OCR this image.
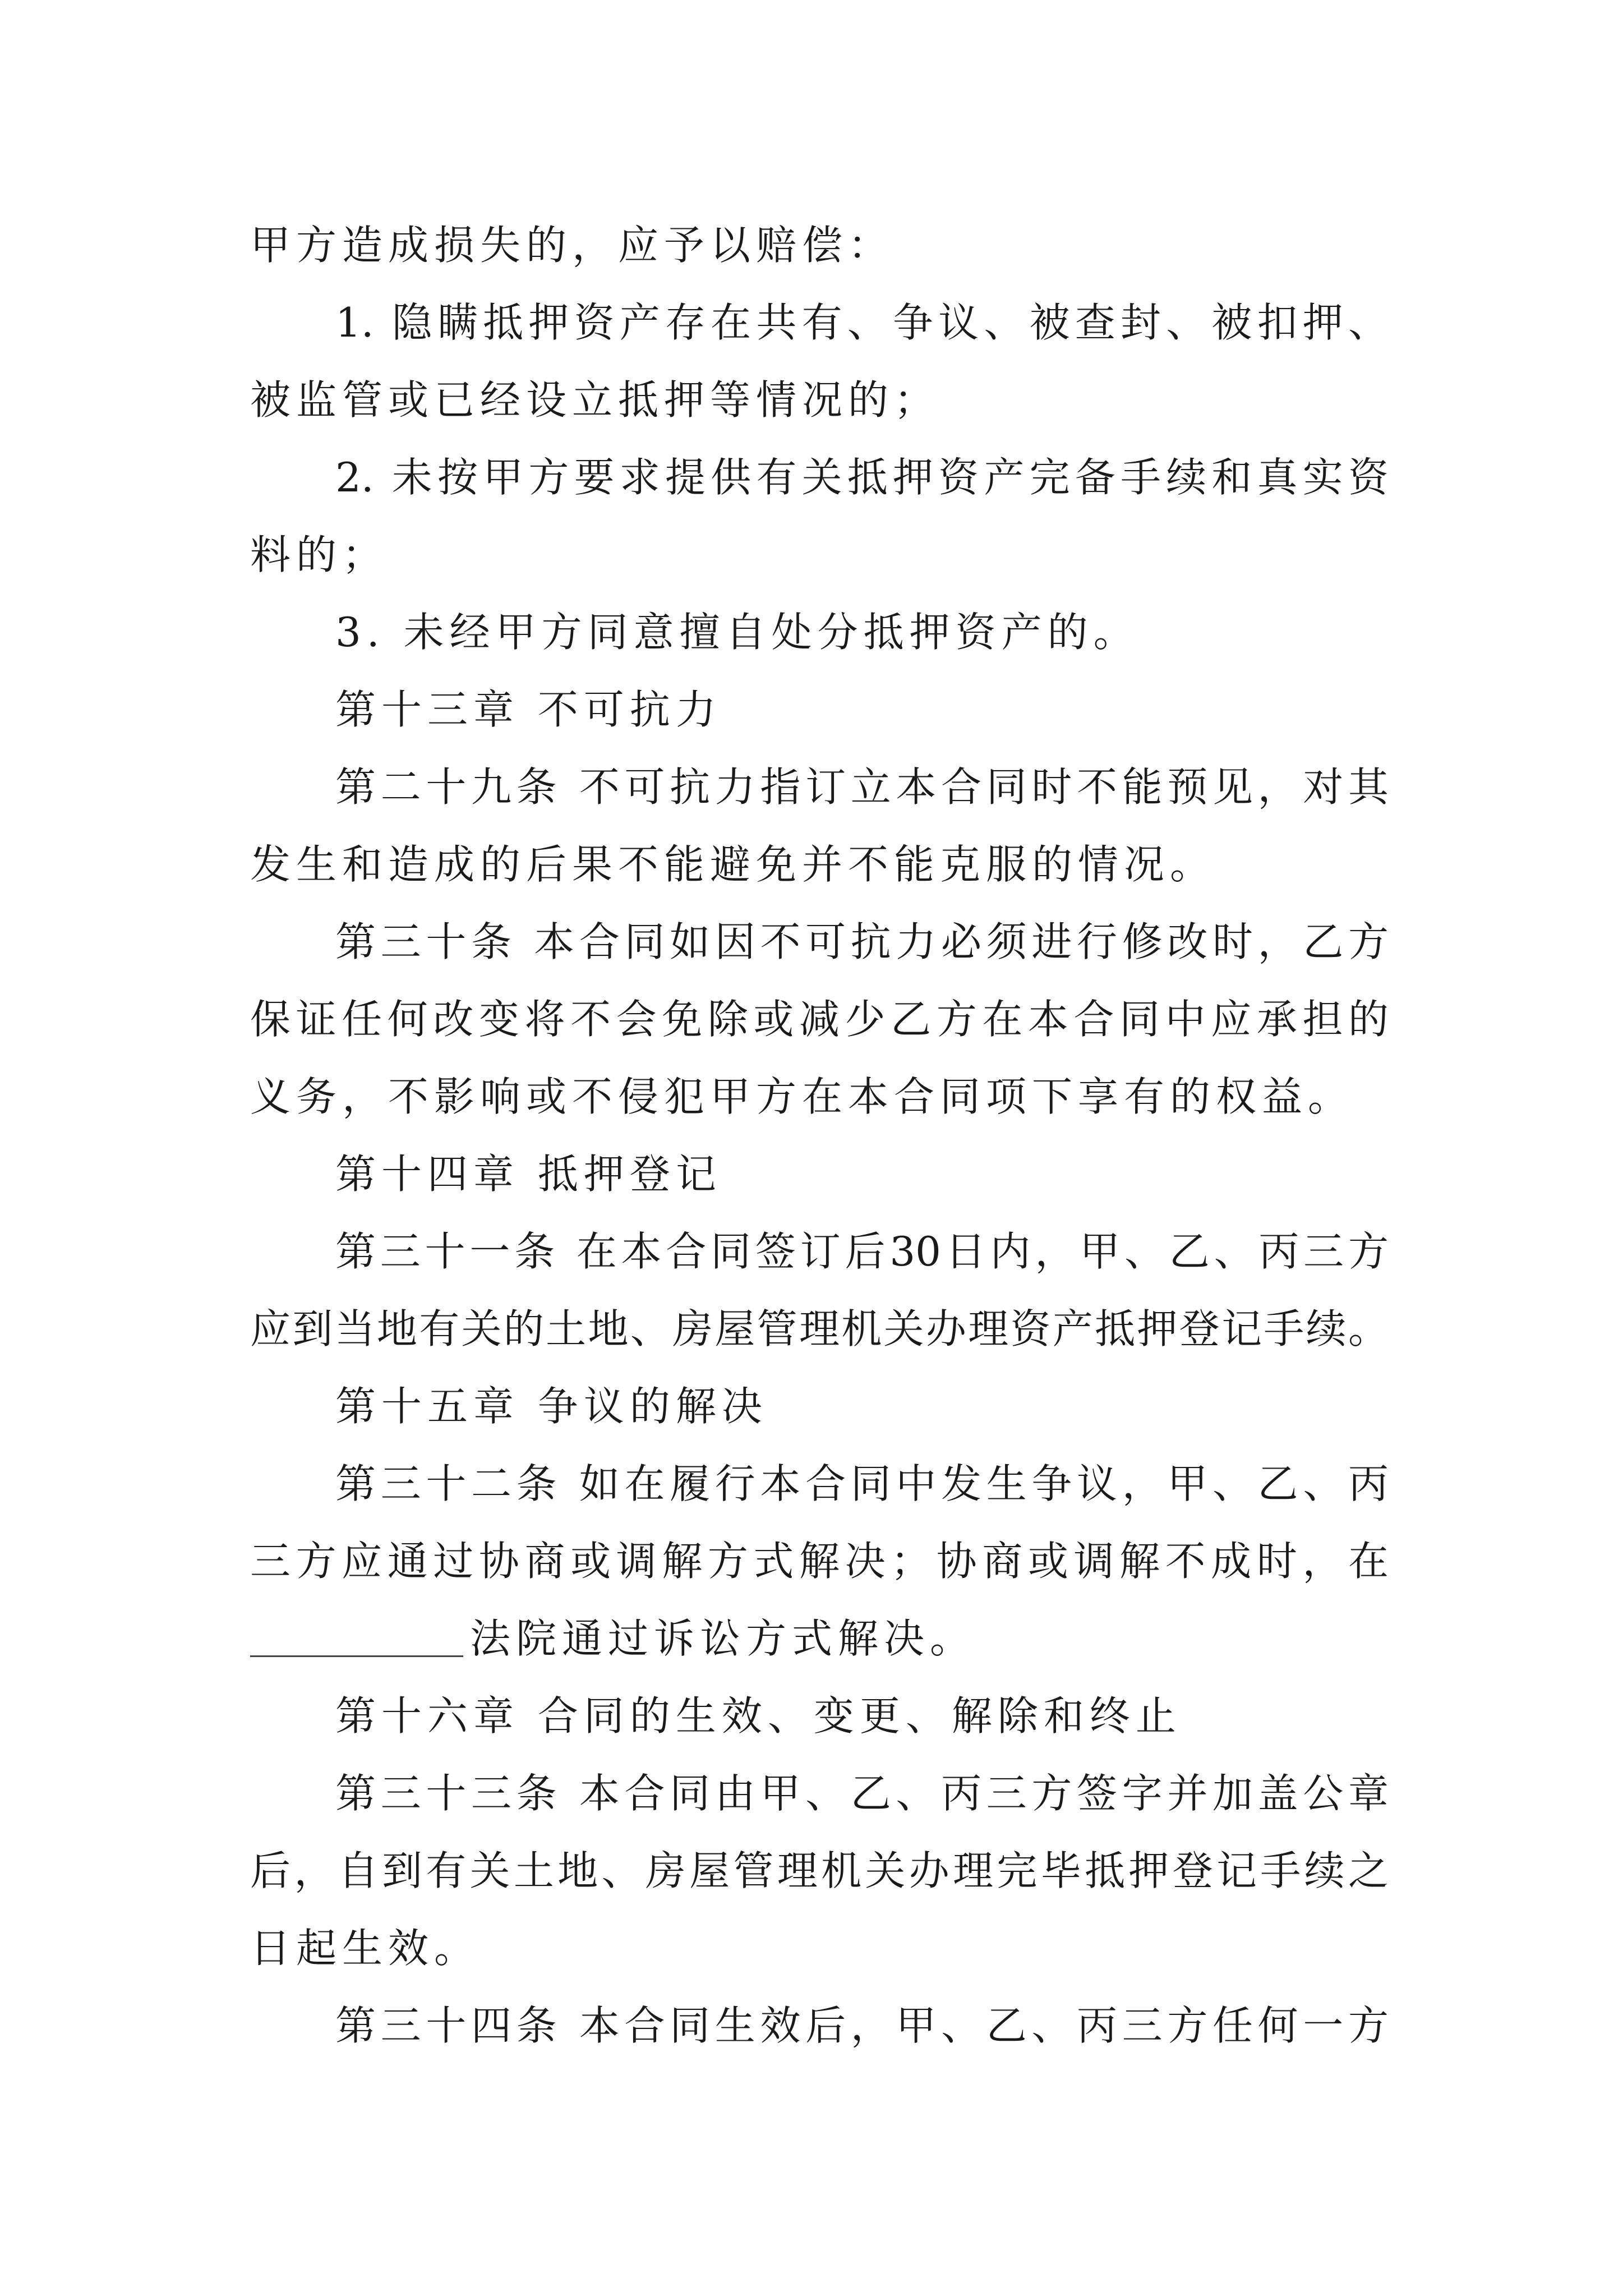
甲方造成损失的，应予以赔偿：
1. 隐瞒抵押资产存在共有、争议、被查封、被扣押、
被监管或已经设立抵押等情况的；
2. 未按甲方要求提供有关抵押资产完备手续和真实资
料的；
3. 未经甲方同意擅自处分抵押资产的。
第十三章 不可抗力
第二十九条 不可抗力指订立本合同时不能预见，对其
发生和造成的后果不能避免并不能克服的情况。
第三十条 本合同如因不可抗力必须进行修改时，乙方
保证任何改变将不会免除或减少乙方在本合同中应承担的
义务，不影响或不侵犯甲方在本合同项下享有的权益。
第十四章 抵押登记
第三十一条 在本合同签订后30日内，甲、乙、丙三方
应到当地有关的土地、房屋管理机关办理资产抵押登记手续。
第十五章 争议的解决
第三十二条 如在履行本合同中发生争议，甲、乙、丙
三方应通过协商或调解方式解决；协商或调解不成时，在
法院通过诉讼方式解决。
第十六章 合同的生效、变更、解除和终止
第三十三条 本合同由甲、乙、丙三方签字并加盖公章
后，自到有关土地、房屋管理机关办理完毕抵押登记手续之
日起生效。
第三十四条 本合同生效后，甲、乙、丙三方任何一方
